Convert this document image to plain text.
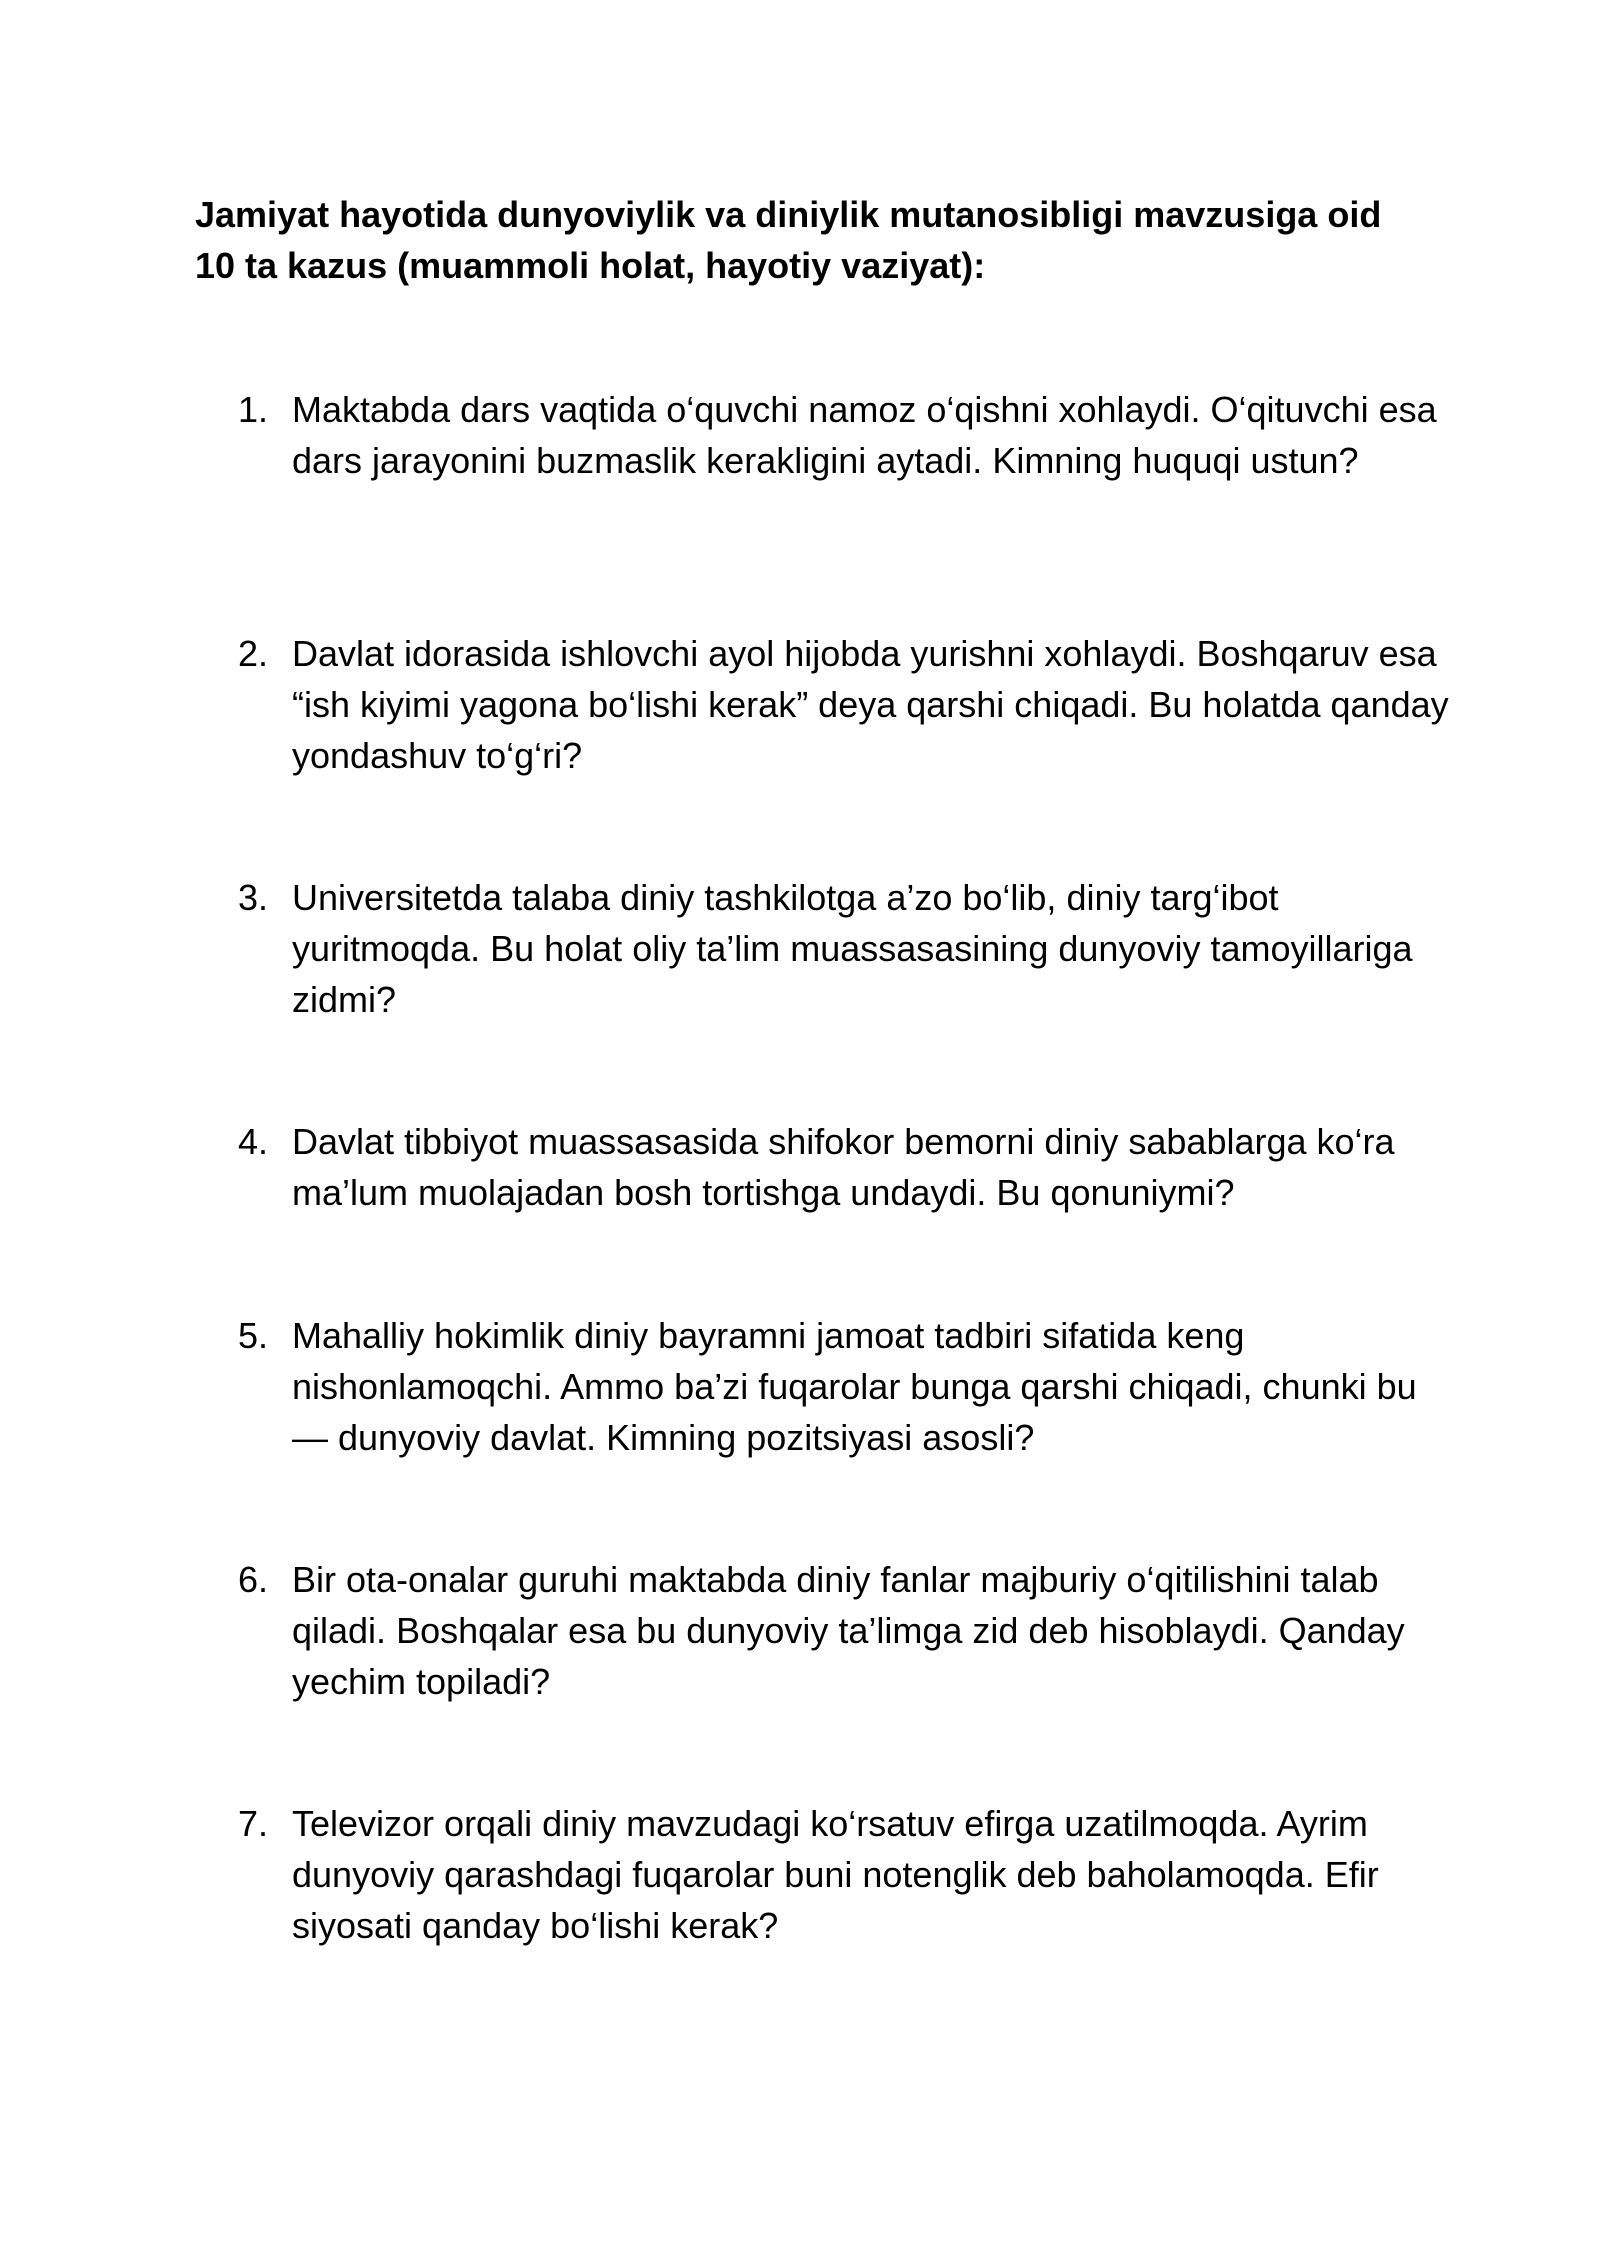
Jamiyat hayotida dunyoviylik va diniylik mutanosibligi mavzusiga oid 10 ta kazus (muammoli holat, hayotiy vaziyat):
1. Maktabda dars vaqtida o‘quvchi namoz o‘qishni xohlaydi. O‘qituvchi esa dars jarayonini buzmaslik kerakligini aytadi. Kimning huquqi ustun?
2. Davlat idorasida ishlovchi ayol hijobda yurishni xohlaydi. Boshqaruv esa “ish kiyimi yagona bo‘lishi kerak” deya qarshi chiqadi. Bu holatda qanday yondashuv to‘g‘ri?
3. Universitetda talaba diniy tashkilotga a’zo bo‘lib, diniy targ‘ibot yuritmoqda. Bu holat oliy ta’lim muassasasining dunyoviy tamoyillariga zidmi?
4. Davlat tibbiyot muassasasida shifokor bemorni diniy sabablarga ko‘ra ma’lum muolajadan bosh tortishga undaydi. Bu qonuniymi?
5. Mahalliy hokimlik diniy bayramni jamoat tadbiri sifatida keng nishonlamoqchi. Ammo ba’zi fuqarolar bunga qarshi chiqadi, chunki bu — dunyoviy davlat. Kimning pozitsiyasi asosli?
6. Bir ota-onalar guruhi maktabda diniy fanlar majburiy o‘qitilishini talab qiladi. Boshqalar esa bu dunyoviy ta’limga zid deb hisoblaydi. Qanday yechim topiladi?
7. Televizor orqali diniy mavzudagi ko‘rsatuv efirga uzatilmoqda. Ayrim dunyoviy qarashdagi fuqarolar buni notenglik deb baholamoqda. Efir siyosati qanday bo‘lishi kerak?
